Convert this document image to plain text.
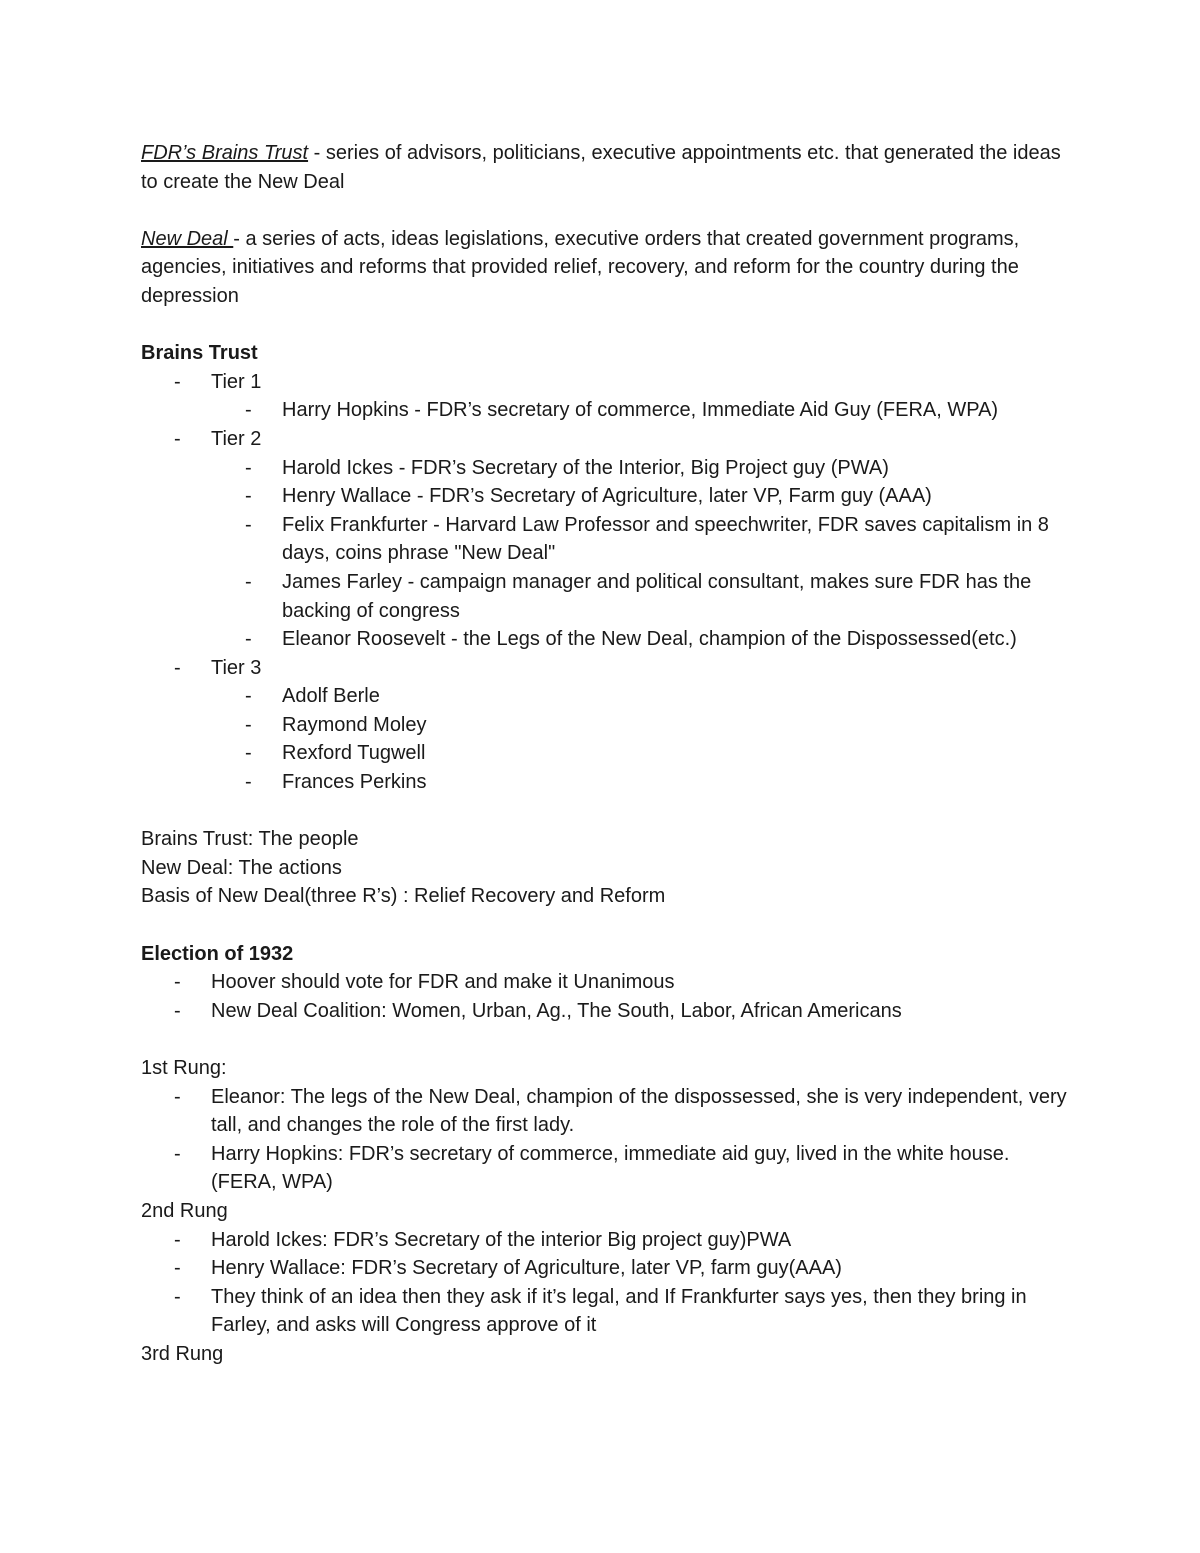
FDR’s Brains Trust - series of advisors, politicians, executive appointments etc. that generated the ideas to create the New Deal

New Deal - a series of acts, ideas legislations, executive orders that created government programs, agencies, initiatives and reforms that provided relief, recovery, and reform for the country during the depression

Brains Trust

- Tier 1
- Harry Hopkins - FDR’s secretary of commerce, Immediate Aid Guy (FERA, WPA)
- Tier 2
- Harold Ickes - FDR’s Secretary of the Interior, Big Project guy (PWA)
- Henry Wallace - FDR’s Secretary of Agriculture, later VP, Farm guy (AAA)
- Felix Frankfurter - Harvard Law Professor and speechwriter, FDR saves capitalism in 8 days, coins phrase "New Deal"
- James Farley - campaign manager and political consultant, makes sure FDR has the backing of congress
- Eleanor Roosevelt - the Legs of the New Deal, champion of the Dispossessed(etc.)
- Tier 3
- Adolf Berle
- Raymond Moley
- Rexford Tugwell
- Frances Perkins

Brains Trust: The people

New Deal: The actions

Basis of New Deal(three R’s) : Relief Recovery and Reform

Election of 1932

- Hoover should vote for FDR and make it Unanimous
- New Deal Coalition: Women, Urban, Ag., The South, Labor, African Americans

1st Rung:

- Eleanor: The legs of the New Deal, champion of the dispossessed, she is very independent, very tall, and changes the role of the first lady.
- Harry Hopkins: FDR’s secretary of commerce, immediate aid guy, lived in the white house.(FERA, WPA)

2nd Rung

- Harold Ickes: FDR’s Secretary of the interior Big project guy)PWA
- Henry Wallace: FDR’s Secretary of Agriculture, later VP, farm guy(AAA)
- They think of an idea then they ask if it’s legal, and If Frankfurter says yes, then they bring in Farley, and asks will Congress approve of it

3rd Rung
